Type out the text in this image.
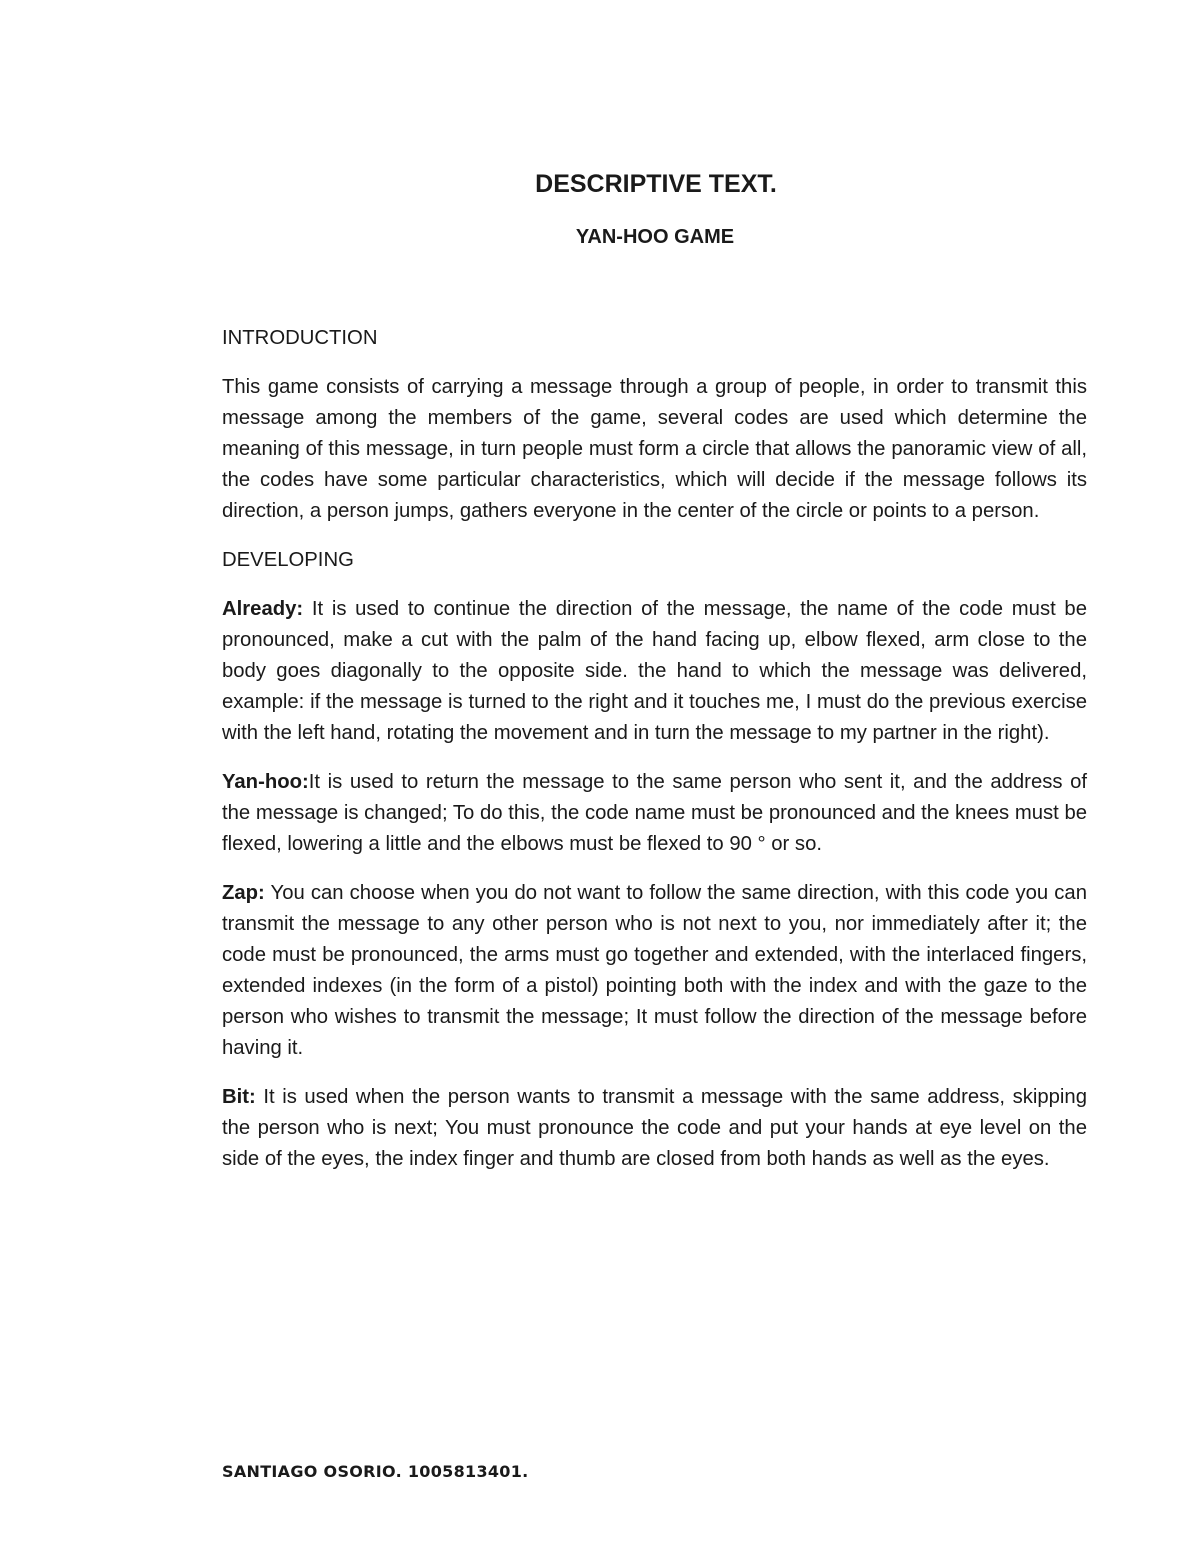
DESCRIPTIVE TEXT.
YAN-HOO GAME

INTRODUCTION

This game consists of carrying a message through a group of people, in order to transmit this message among the members of the game, several codes are used which determine the meaning of this message, in turn people must form a circle that allows the panoramic view of all, the codes have some particular characteristics, which will decide if the message follows its direction, a person jumps, gathers everyone in the center of the circle or points to a person.

DEVELOPING

Already: It is used to continue the direction of the message, the name of the code must be pronounced, make a cut with the palm of the hand facing up, elbow flexed, arm close to the body goes diagonally to the opposite side. the hand to which the message was delivered, example: if the message is turned to the right and it touches me, I must do the previous exercise with the left hand, rotating the movement and in turn the message to my partner in the right).

Yan-hoo:It is used to return the message to the same person who sent it, and the address of the message is changed; To do this, the code name must be pronounced and the knees must be flexed, lowering a little and the elbows must be flexed to 90 ° or so.

Zap: You can choose when you do not want to follow the same direction, with this code you can transmit the message to any other person who is not next to you, nor immediately after it; the code must be pronounced, the arms must go together and extended, with the interlaced fingers, extended indexes (in the form of a pistol) pointing both with the index and with the gaze to the person who wishes to transmit the message; It must follow the direction of the message before having it.

Bit: It is used when the person wants to transmit a message with the same address, skipping the person who is next; You must pronounce the code and put your hands at eye level on the side of the eyes, the index finger and thumb are closed from both hands as well as the eyes.

SANTIAGO OSORIO. 1005813401.
